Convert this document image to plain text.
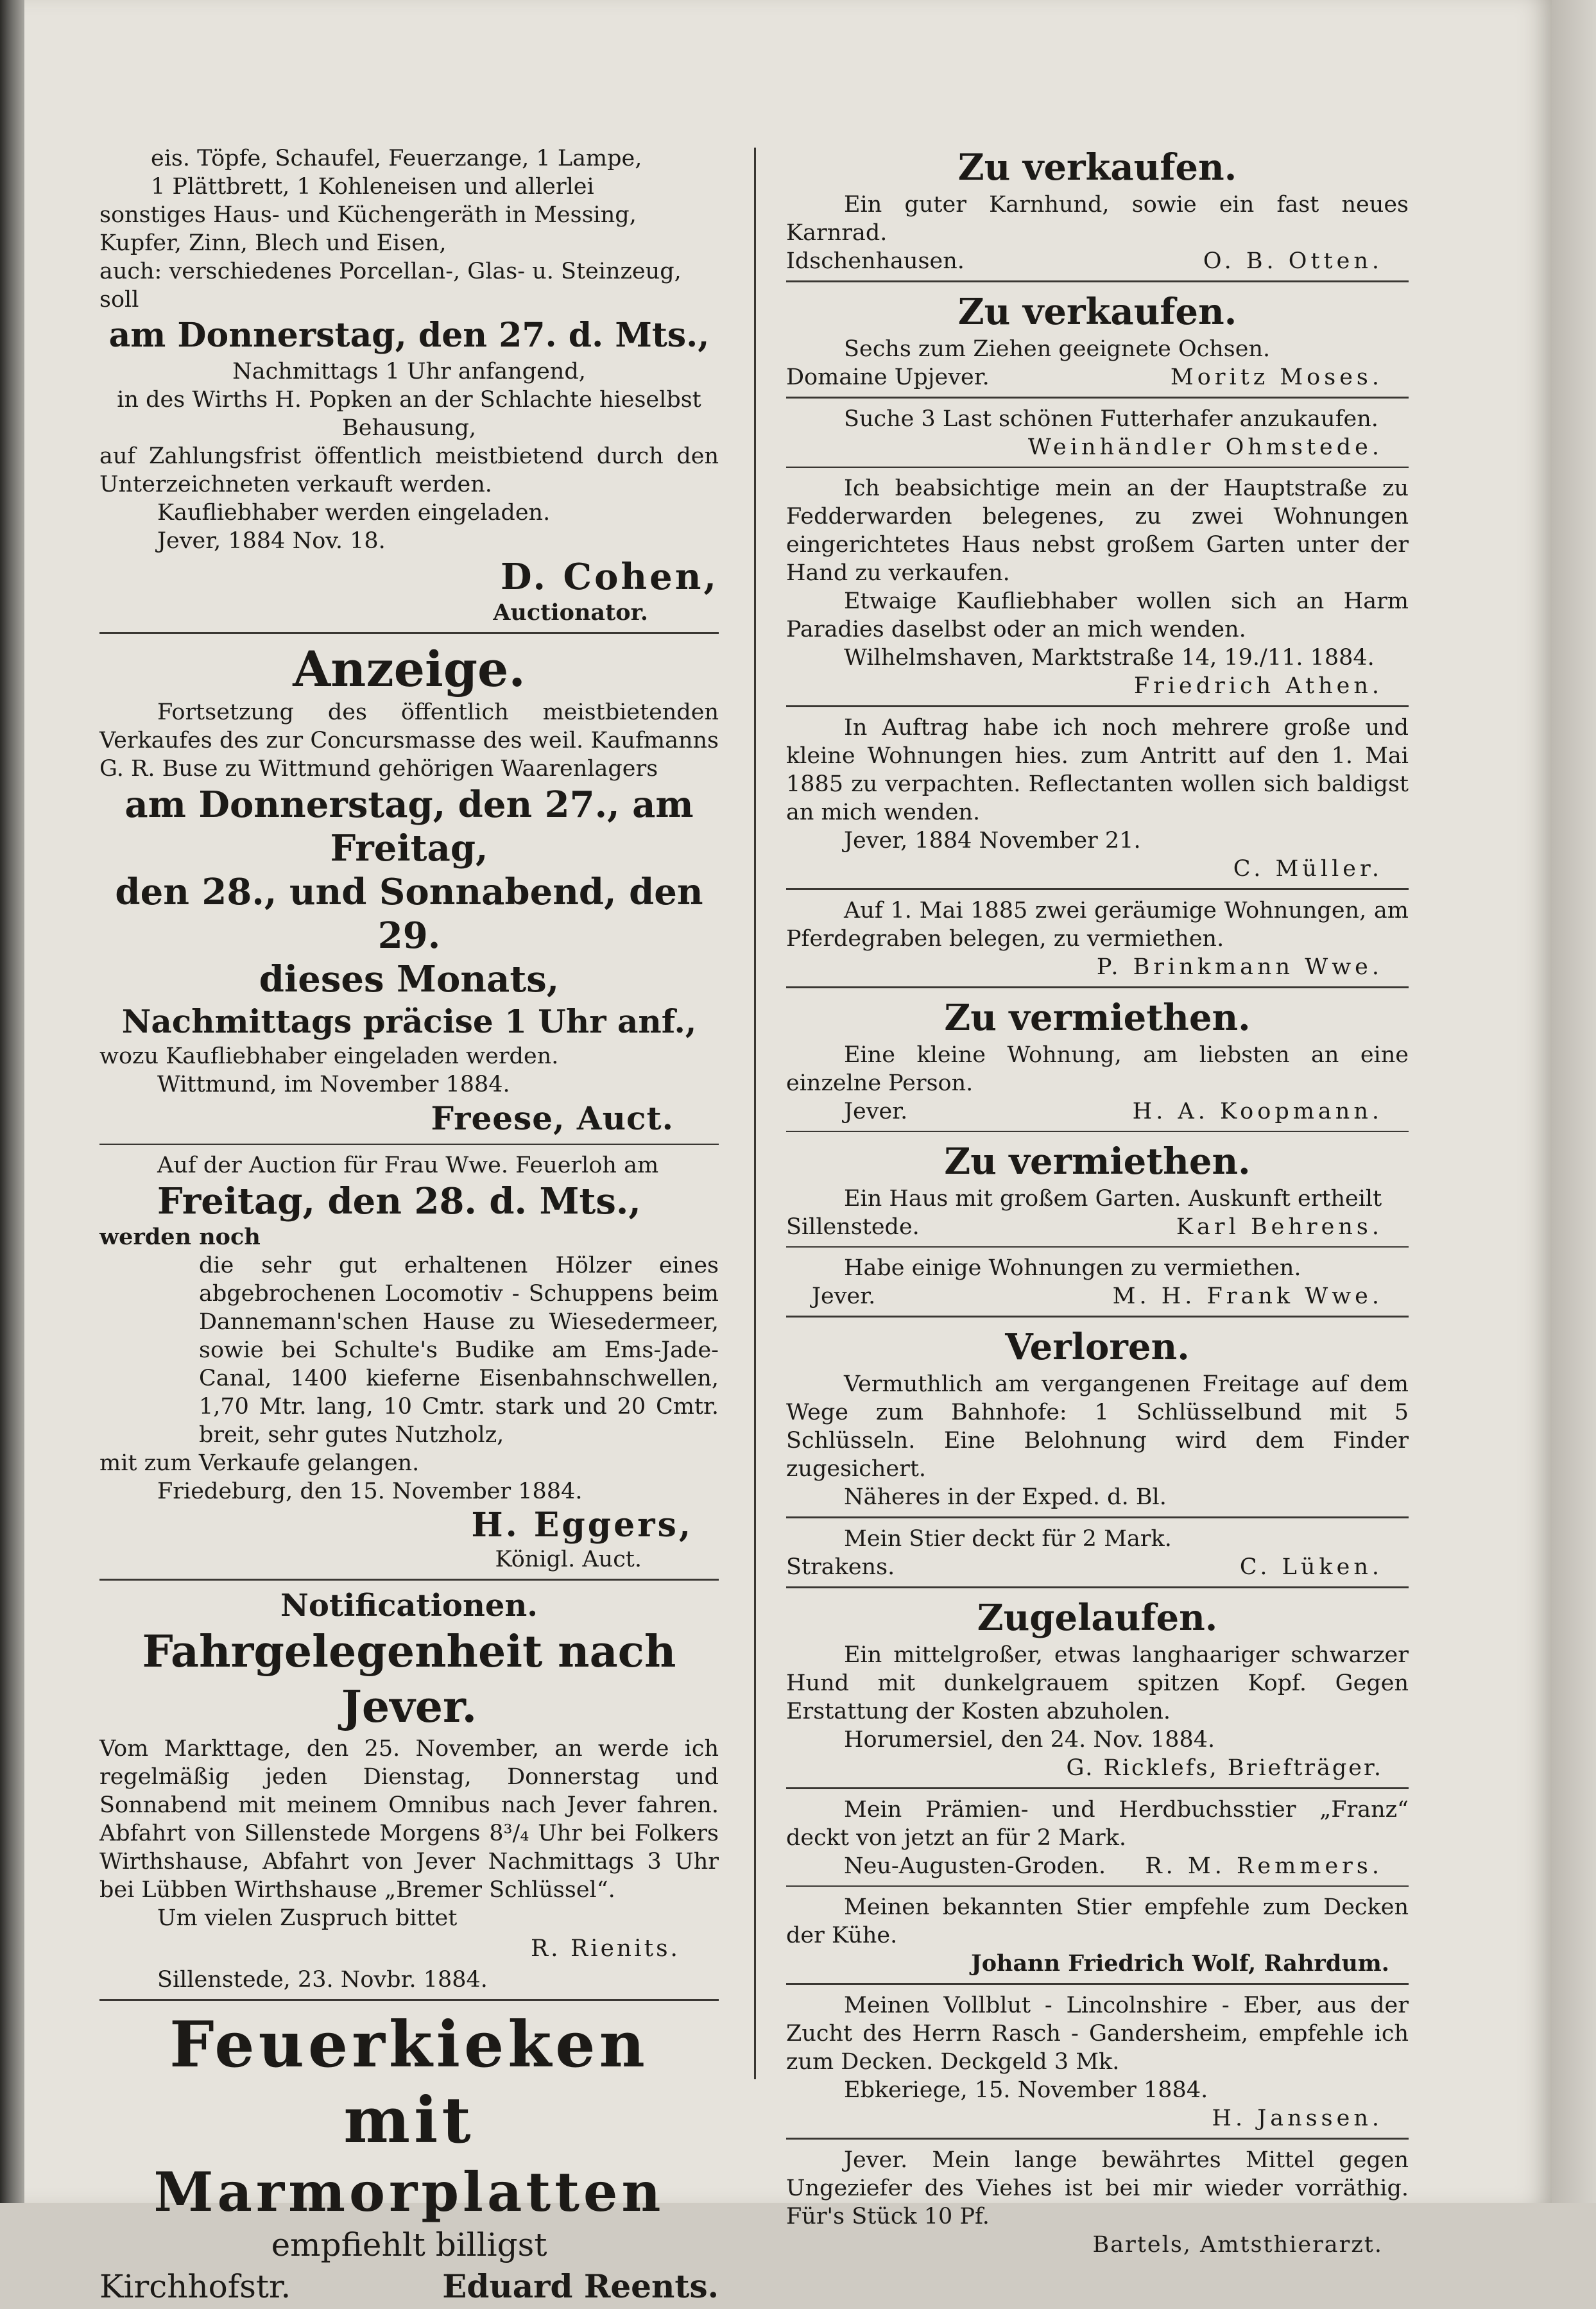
eis. Töpfe, Schaufel, Feuerzange, 1 Lampe,

1 Plättbrett, 1 Kohleneisen und allerlei

sonstiges Haus- und Küchengeräth in Messing,

Kupfer, Zinn, Blech und Eisen,

auch: verschiedenes Porcellan-, Glas- u. Steinzeug,

soll

am Donnerstag, den 27. d. Mts.,

Nachmittags 1 Uhr anfangend,

in des Wirths H. Popken an der Schlachte hieselbst

Behausung,

auf Zahlungsfrist öffentlich meistbietend durch den Unterzeichneten verkauft werden.

Kaufliebhaber werden eingeladen.

Jever, 1884 Nov. 18.

D. Cohen,

Auctionator.

Anzeige.

Fortsetzung des öffentlich meistbietenden Verkaufes des zur Concursmasse des weil. Kaufmanns G. R. Buse zu Wittmund gehörigen Waarenlagers

am Donnerstag, den 27., am Freitag,
den 28., und Sonnabend, den 29.
dieses Monats,
Nachmittags präcise 1 Uhr anf.,

wozu Kaufliebhaber eingeladen werden.

Wittmund, im November 1884.

Freese, Auct.

Auf der Auction für Frau Wwe. Feuerloh am

Freitag, den 28. d. Mts.,

werden noch

die sehr gut erhaltenen Hölzer eines abgebrochenen Locomotiv - Schuppens beim Dannemann'schen Hause zu Wiesedermeer, sowie bei Schulte's Budike am Ems-Jade-Canal, 1400 kieferne Eisenbahnschwellen, 1,70 Mtr. lang, 10 Cmtr. stark und 20 Cmtr. breit, sehr gutes Nutzholz,

mit zum Verkaufe gelangen.

Friedeburg, den 15. November 1884.

H. Eggers,

Königl. Auct.

Notificationen.
Fahrgelegenheit nach Jever.

Vom Markttage, den 25. November, an werde ich regelmäßig jeden Dienstag, Donnerstag und Sonnabend mit meinem Omnibus nach Jever fahren. Abfahrt von Sillenstede Morgens 8³/₄ Uhr bei Folkers Wirthshause, Abfahrt von Jever Nachmittags 3 Uhr bei Lübben Wirthshause „Bremer Schlüssel“.

Um vielen Zuspruch bittet

R. Rienits.

Sillenstede, 23. Novbr. 1884.

Feuerkieken mit
Marmorplatten
empfiehlt billigst
Kirchhofstr.	Eduard Reents.
Zu verkaufen.

Ein guter Karnhund, sowie ein fast neues Karnrad.

Idschenhausen.	O. B. Otten.
Zu verkaufen.

Sechs zum Ziehen geeignete Ochsen.

Domaine Upjever.	Moritz Moses.

Suche 3 Last schönen Futterhafer anzukaufen.

Weinhändler Ohmstede.

Ich beabsichtige mein an der Hauptstraße zu Fedderwarden belegenes, zu zwei Wohnungen eingerichtetes Haus nebst großem Garten unter der Hand zu verkaufen.

Etwaige Kaufliebhaber wollen sich an Harm Paradies daselbst oder an mich wenden.

Wilhelmshaven, Marktstraße 14, 19./11. 1884.

Friedrich Athen.

In Auftrag habe ich noch mehrere große und kleine Wohnungen hies. zum Antritt auf den 1. Mai 1885 zu verpachten. Reflectanten wollen sich baldigst an mich wenden.

Jever, 1884 November 21.

C. Müller.

Auf 1. Mai 1885 zwei geräumige Wohnungen, am Pferdegraben belegen, zu vermiethen.

P. Brinkmann Wwe.

Zu vermiethen.

Eine kleine Wohnung, am liebsten an eine einzelne Person.

Jever.	H. A. Koopmann.
Zu vermiethen.

Ein Haus mit großem Garten. Auskunft ertheilt

Sillenstede.	Karl Behrens.

Habe einige Wohnungen zu vermiethen.

Jever.	M. H. Frank Wwe.
Verloren.

Vermuthlich am vergangenen Freitage auf dem Wege zum Bahnhofe: 1 Schlüsselbund mit 5 Schlüsseln. Eine Belohnung wird dem Finder zugesichert.

Näheres in der Exped. d. Bl.

Mein Stier deckt für 2 Mark.

Strakens.	C. Lüken.
Zugelaufen.

Ein mittelgroßer, etwas langhaariger schwarzer Hund mit dunkelgrauem spitzen Kopf. Gegen Erstattung der Kosten abzuholen.

Horumersiel, den 24. Nov. 1884.

G. Ricklefs, Briefträger.

Mein Prämien- und Herdbuchsstier „Franz“ deckt von jetzt an für 2 Mark.

Neu-Augusten-Groden. R. M. Remmers.

Meinen bekannten Stier empfehle zum Decken der Kühe.

Johann Friedrich Wolf, Rahrdum.

Meinen Vollblut - Lincolnshire - Eber, aus der Zucht des Herrn Rasch - Gandersheim, empfehle ich zum Decken. Deckgeld 3 Mk.

Ebkeriege, 15. November 1884.

H. Janssen.

Jever. Mein lange bewährtes Mittel gegen Ungeziefer des Viehes ist bei mir wieder vorräthig. Für's Stück 10 Pf.

Bartels, Amtsthierarzt.
